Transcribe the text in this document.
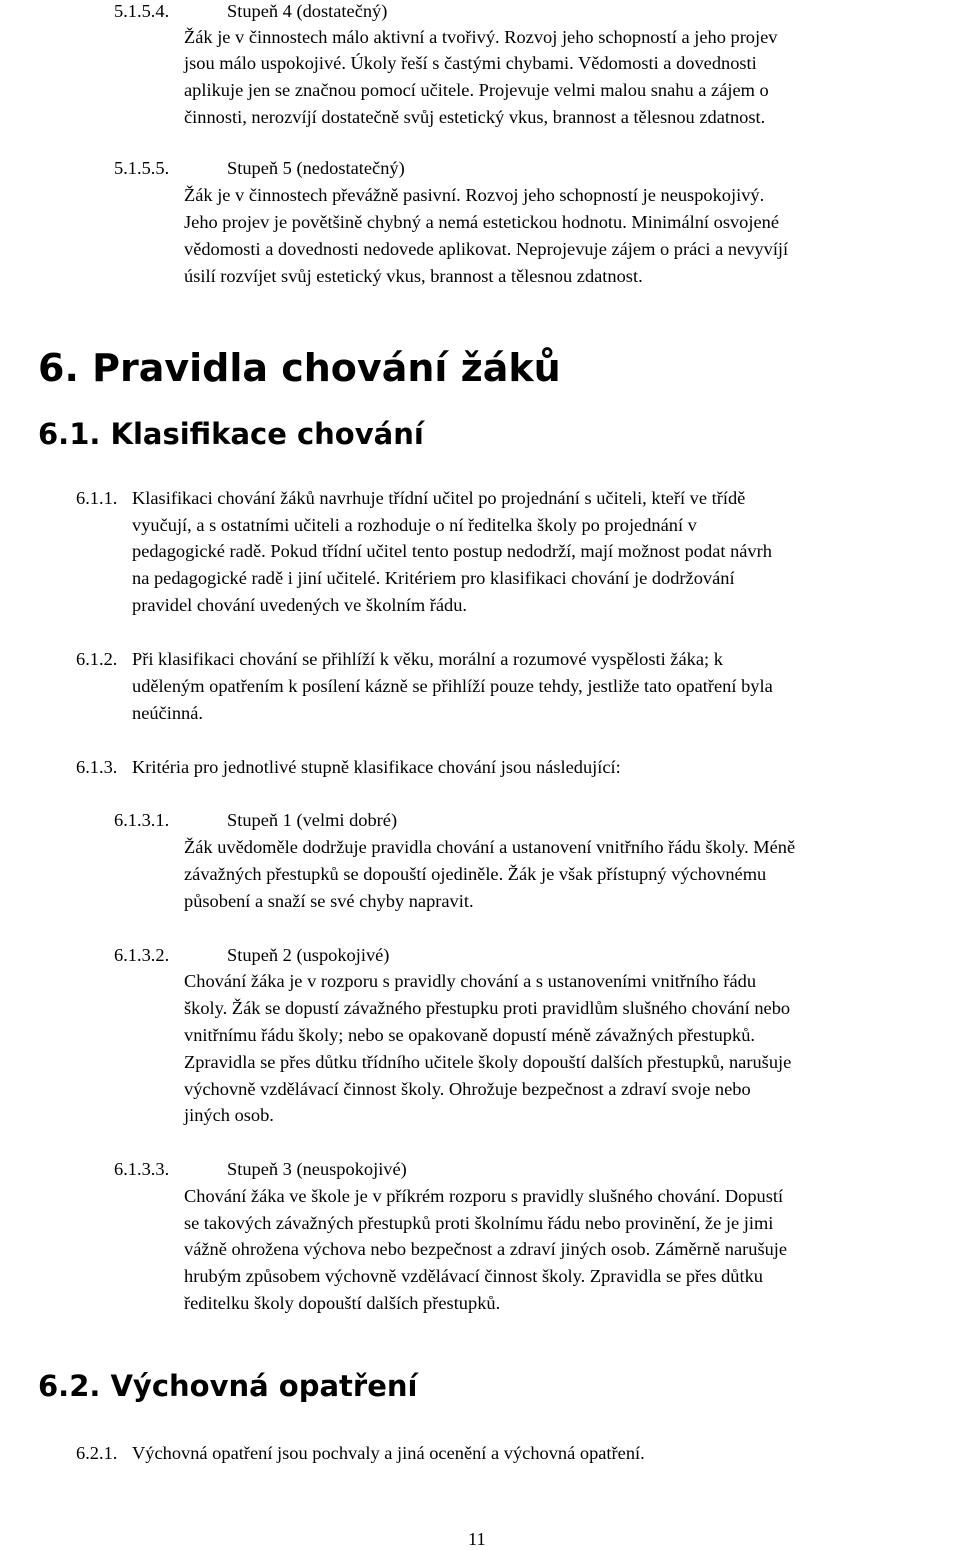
5.1.5.4.	Stupeň 4 (dostatečný)
Žák je v činnostech málo aktivní a tvořivý. Rozvoj jeho schopností a jeho projev
jsou málo uspokojivé. Úkoly řeší s častými chybami. Vědomosti a dovednosti
aplikuje jen se značnou pomocí učitele. Projevuje velmi malou snahu a zájem o
činnosti, nerozvíjí dostatečně svůj estetický vkus, brannost a tělesnou zdatnost.
5.1.5.5.	Stupeň 5 (nedostatečný)
Žák je v činnostech převážně pasivní. Rozvoj jeho schopností je neuspokojivý.
Jeho projev je povětšině chybný a nemá estetickou hodnotu. Minimální osvojené
vědomosti a dovednosti nedovede aplikovat. Neprojevuje zájem o práci a nevyvíjí
úsilí rozvíjet svůj estetický vkus, brannost a tělesnou zdatnost.
6. Pravidla chování žáků
6.1. Klasifikace chování
6.1.1. Klasifikaci chování žáků navrhuje třídní učitel po projednání s učiteli, kteří ve třídě
vyučují, a s ostatními učiteli a rozhoduje o ní ředitelka školy po projednání v
pedagogické radě. Pokud třídní učitel tento postup nedodrží, mají možnost podat návrh
na pedagogické radě i jiní učitelé. Kritériem pro klasifikaci chování je dodržování
pravidel chování uvedených ve školním řádu.
6.1.2. Při klasifikaci chování se přihlíží k věku, morální a rozumové vyspělosti žáka; k
uděleným opatřením k posílení kázně se přihlíží pouze tehdy, jestliže tato opatření byla
neúčinná.
6.1.3. Kritéria pro jednotlivé stupně klasifikace chování jsou následující:
6.1.3.1.	Stupeň 1 (velmi dobré)
Žák uvědoměle dodržuje pravidla chování a ustanovení vnitřního řádu školy. Méně
závažných přestupků se dopouští ojediněle. Žák je však přístupný výchovnému
působení a snaží se své chyby napravit.
6.1.3.2.	Stupeň 2 (uspokojivé)
Chování žáka je v rozporu s pravidly chování a s ustanoveními vnitřního řádu
školy. Žák se dopustí závažného přestupku proti pravidlům slušného chování nebo
vnitřnímu řádu školy; nebo se opakovaně dopustí méně závažných přestupků.
Zpravidla se přes důtku třídního učitele školy dopouští dalších přestupků, narušuje
výchovně vzdělávací činnost školy. Ohrožuje bezpečnost a zdraví svoje nebo
jiných osob.
6.1.3.3.	Stupeň 3 (neuspokojivé)
Chování žáka ve škole je v příkrém rozporu s pravidly slušného chování. Dopustí
se takových závažných přestupků proti školnímu řádu nebo provinění, že je jimi
vážně ohrožena výchova nebo bezpečnost a zdraví jiných osob. Záměrně narušuje
hrubým způsobem výchovně vzdělávací činnost školy. Zpravidla se přes důtku
ředitelku školy dopouští dalších přestupků.
6.2. Výchovná opatření
6.2.1. Výchovná opatření jsou pochvaly a jiná ocenění a výchovná opatření.
11
